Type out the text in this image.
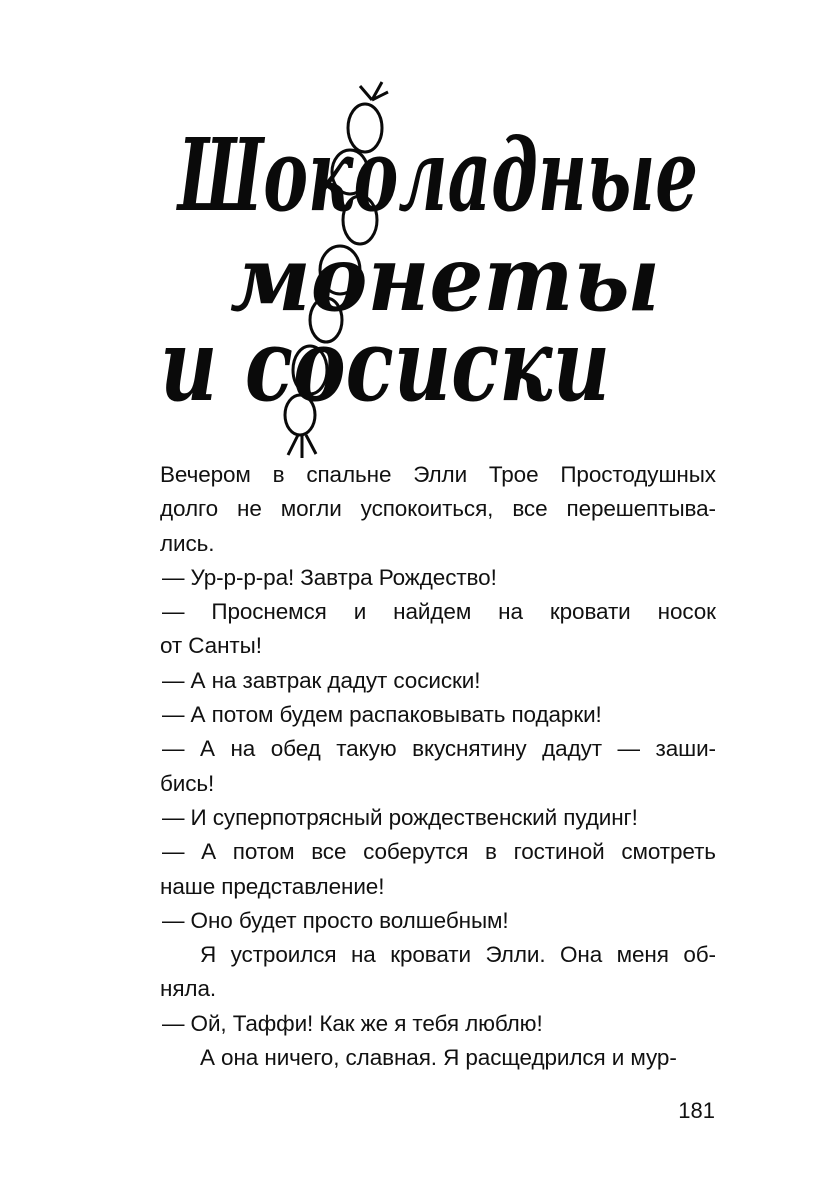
Шоколадные
монеты
и сосиски
Вечером в спальне Элли Трое Простодушных
долго не могли успокоиться, все перешептыва-
лись.
— Ур-р-р-ра! Завтра Рождество!
— Проснемся и найдем на кровати носок
от Санты!
— А на завтрак дадут сосиски!
— А потом будем распаковывать подарки!
— А на обед такую вкуснятину дадут — заши-
бись!
— И суперпотрясный рождественский пудинг!
— А потом все соберутся в гостиной смотреть
наше представление!
— Оно будет просто волшебным!
Я устроился на кровати Элли. Она меня об-
няла.
— Ой, Таффи! Как же я тебя люблю!
А она ничего, славная. Я расщедрился и мур-
181
